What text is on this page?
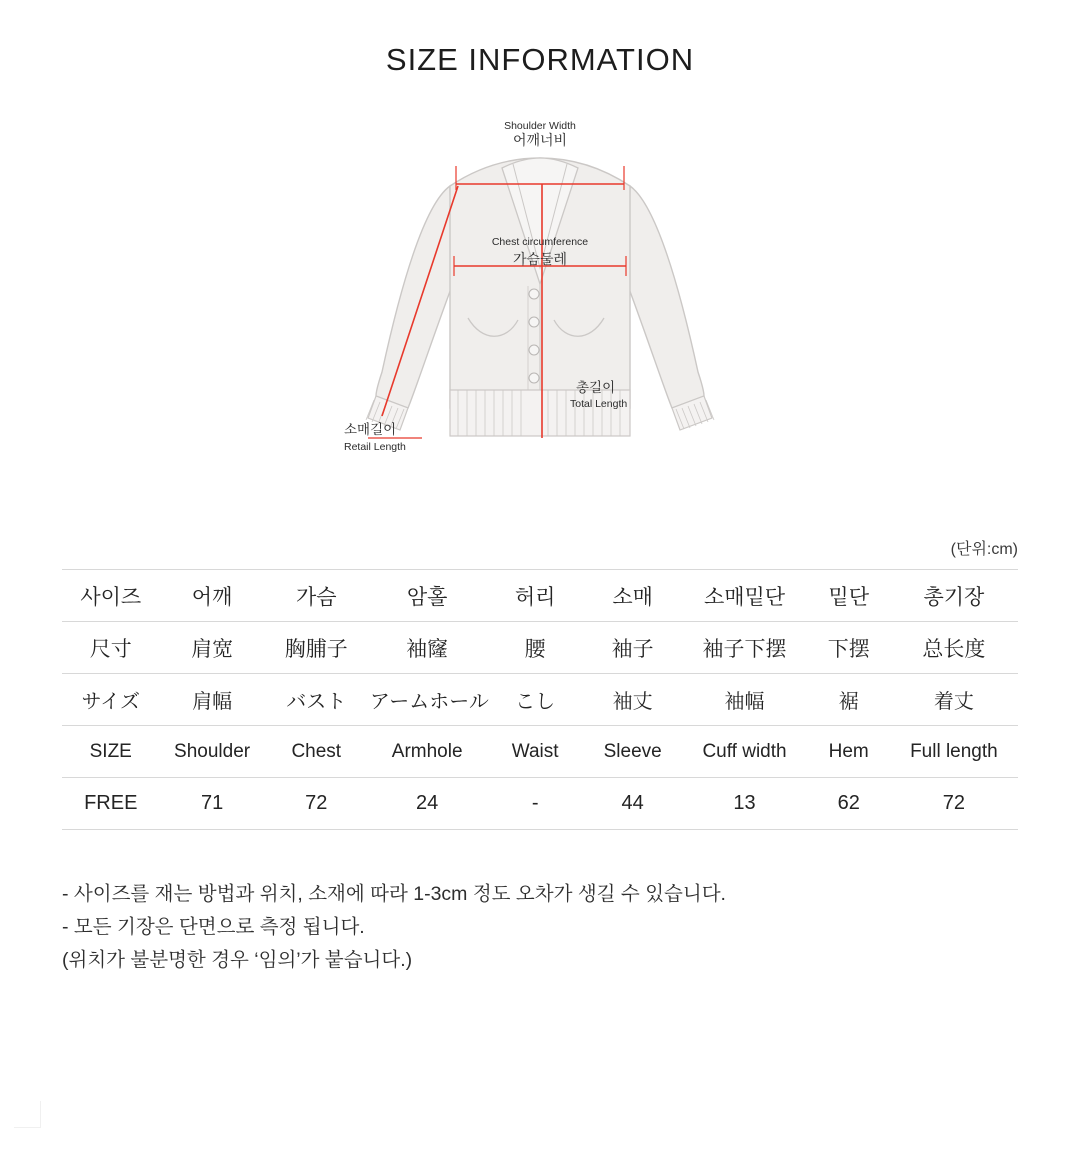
SIZE INFORMATION
Shoulder Width
어깨너비
Chest circumference
가슴둘레
총길이
Total Length
소매길이
Retail Length
(단위:cm)
사이즈	어깨	가슴	암홀	허리	소매	소매밑단	밑단	총기장
尺寸	肩宽	胸脯子	袖窿	腰	袖子	袖子下摆	下摆	总长度
サイズ	肩幅	バスト	アームホール	こし	袖丈	袖幅	裾	着丈
SIZE	Shoulder	Chest	Armhole	Waist	Sleeve	Cuff width	Hem	Full length
FREE	71	72	24	-	44	13	62	72
- 사이즈를 재는 방법과 위치, 소재에 따라 1-3cm 정도 오차가 생길 수 있습니다.
- 모든 기장은 단면으로 측정 됩니다.
(위치가 불분명한 경우 ‘임의’가 붙습니다.)
